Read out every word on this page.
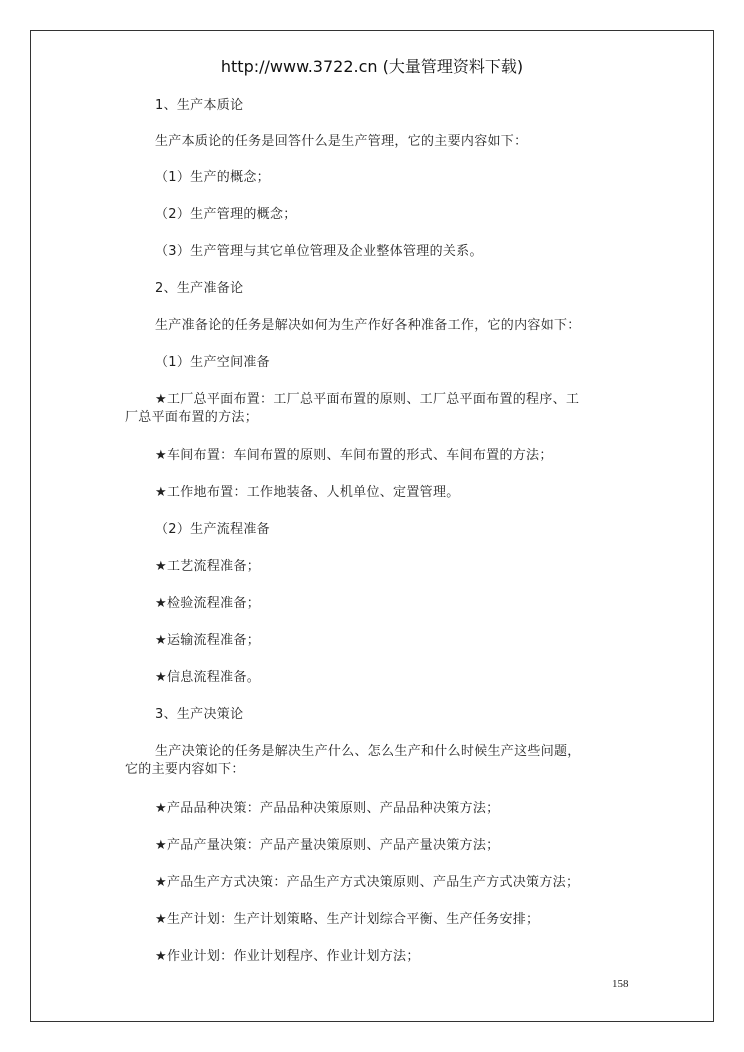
http://www.3722.cn (大量管理资料下载)
1、生产本质论
生产本质论的任务是回答什么是生产管理，它的主要内容如下：
（1）生产的概念；
（2）生产管理的概念；
（3）生产管理与其它单位管理及企业整体管理的关系。
2、生产准备论
生产准备论的任务是解决如何为生产作好各种准备工作，它的内容如下：
（1）生产空间准备
★工厂总平面布置：工厂总平面布置的原则、工厂总平面布置的程序、工
厂总平面布置的方法；
★车间布置：车间布置的原则、车间布置的形式、车间布置的方法；
★工作地布置：工作地装备、人机单位、定置管理。
（2）生产流程准备
★工艺流程准备；
★检验流程准备；
★运输流程准备；
★信息流程准备。
3、生产决策论
生产决策论的任务是解决生产什么、怎么生产和什么时候生产这些问题，
它的主要内容如下：
★产品品种决策：产品品种决策原则、产品品种决策方法；
★产品产量决策：产品产量决策原则、产品产量决策方法；
★产品生产方式决策：产品生产方式决策原则、产品生产方式决策方法；
★生产计划：生产计划策略、生产计划综合平衡、生产任务安排；
★作业计划：作业计划程序、作业计划方法；
158
